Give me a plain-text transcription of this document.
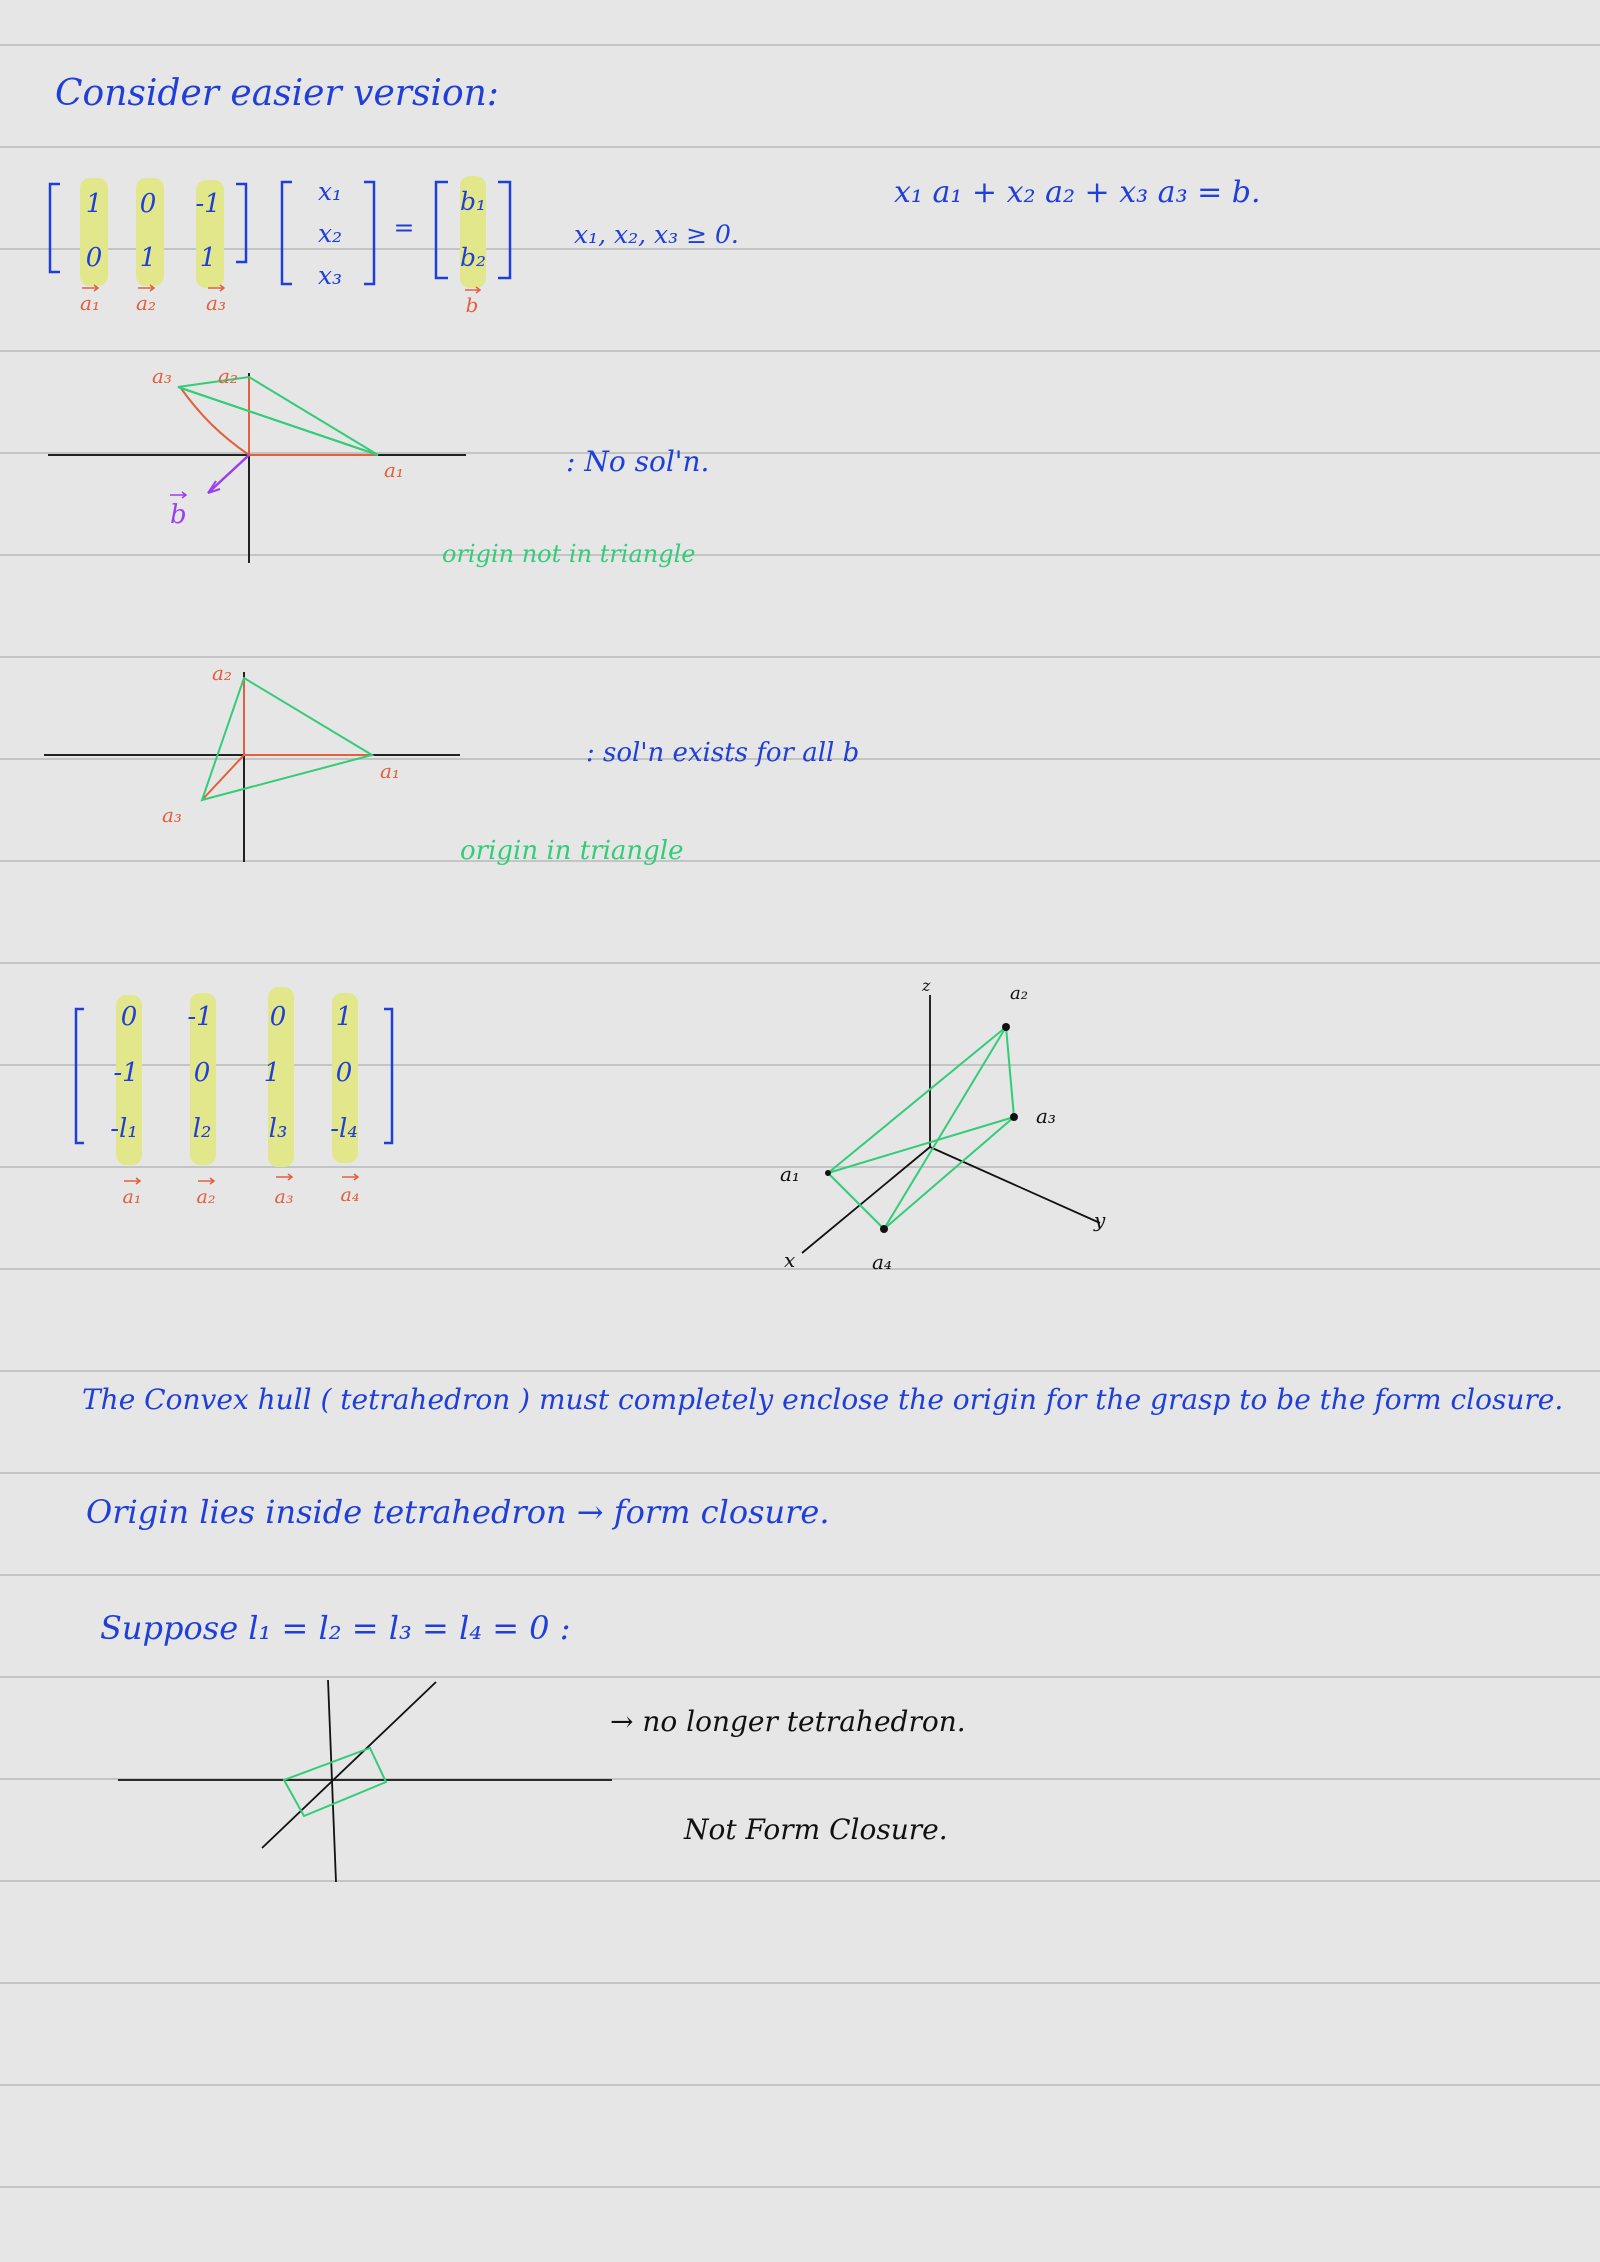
Consider easier version:
1 0 -1
0 1 1
x₁
x₂
x₃
=
b₁
b₂
a₁ a₂	a₃	b
x₁, x₂, x₃ ≥ 0.
x₁ a₁ + x₂ a₂ + x₃ a₃ = b.
a₁
a₂
a₃
b
: No sol'n.
origin not in triangle
a₁
a₂
a₃
: sol'n exists for all b
origin in triangle
0 -1 0 1
-1 0 1 0
-l₁ l₂ l₃ -l₄
a₁	a₂	a₃ a₄
z
y
x
a₁
a₂
a₃
a₄
The Convex hull ( tetrahedron ) must completely enclose the origin for the grasp to be the form closure.
Origin lies inside tetrahedron → form closure.
Suppose l₁ = l₂ = l₃ = l₄ = 0 :
→ no longer tetrahedron.
Not Form Closure.
